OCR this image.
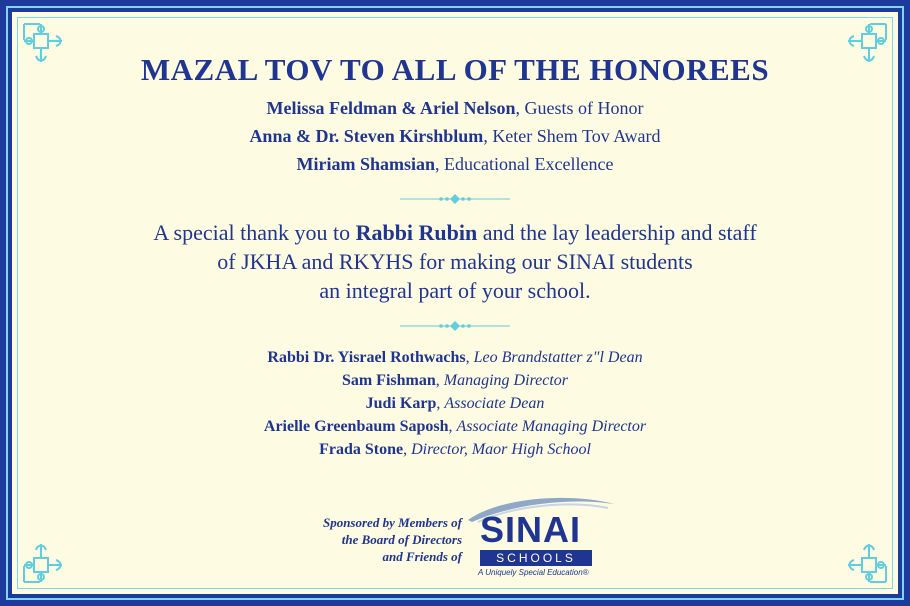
MAZAL TOV TO ALL OF THE HONOREES
Melissa Feldman & Ariel Nelson, Guests of Honor
Anna & Dr. Steven Kirshblum, Keter Shem Tov Award
Miriam Shamsian, Educational Excellence
A special thank you to Rabbi Rubin and the lay leadership and staff
of JKHA and RKYHS for making our SINAI students
an integral part of your school.
Rabbi Dr. Yisrael Rothwachs, Leo Brandstatter z"l Dean
Sam Fishman, Managing Director
Judi Karp, Associate Dean
Arielle Greenbaum Saposh, Associate Managing Director
Frada Stone, Director, Maor High School
Sponsored by Members of
the Board of Directors
and Friends of
SINAI
SCHOOLS
A Uniquely Special Education®
